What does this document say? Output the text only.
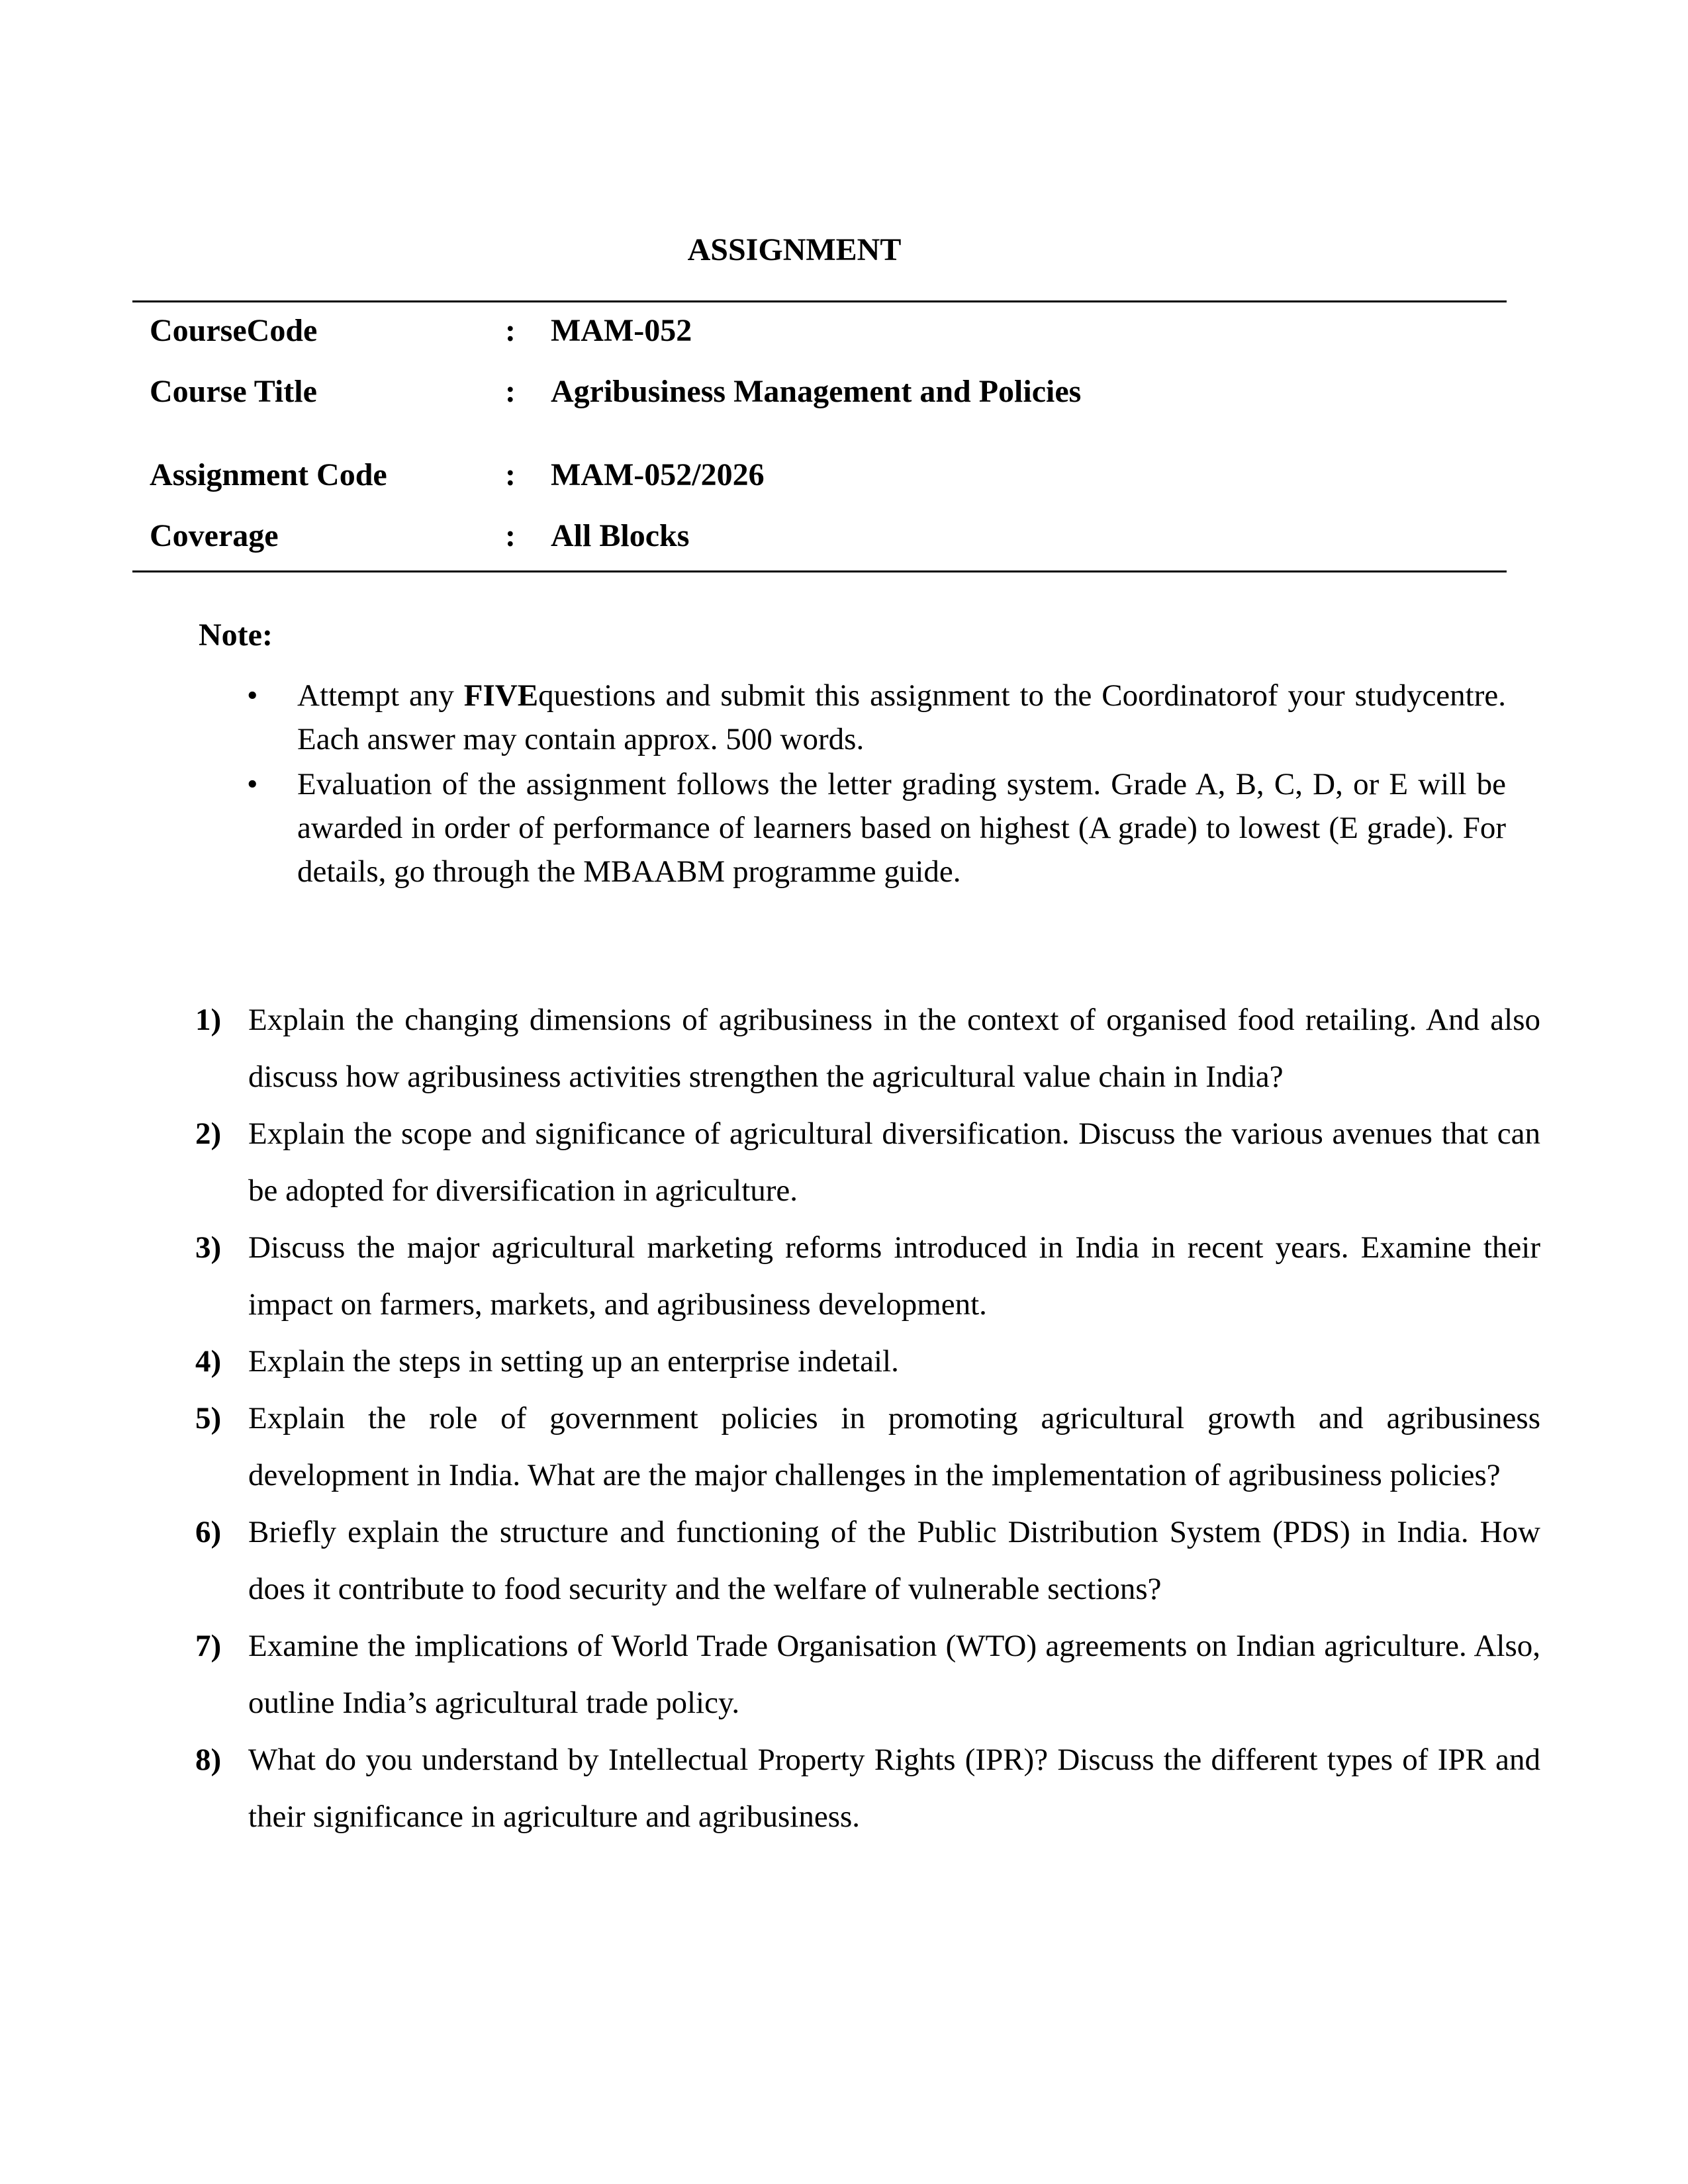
ASSIGNMENT
CourseCode	: MAM-052
Course Title	: Agribusiness Management and Policies
Assignment Code	: MAM-052/2026
Coverage	: All Blocks
Note:
• Attempt any FIVEquestions and submit this assignment to the Coordinatorof your studycentre. Each answer may contain approx. 500 words.
• Evaluation of the assignment follows the letter grading system. Grade A, B, C, D, or E will be awarded in order of performance of learners based on highest (A grade) to lowest (E grade). For details, go through the MBAABM programme guide.
1) Explain the changing dimensions of agribusiness in the context of organised food retailing. And also discuss how agribusiness activities strengthen the agricultural value chain in India?
2) Explain the scope and significance of agricultural diversification. Discuss the various avenues that can be adopted for diversification in agriculture.
3) Discuss the major agricultural marketing reforms introduced in India in recent years. Examine their impact on farmers, markets, and agribusiness development.
4) Explain the steps in setting up an enterprise indetail.
5) Explain the role of government policies in promoting agricultural growth and agribusiness development in India. What are the major challenges in the implementation of agribusiness policies?
6) Briefly explain the structure and functioning of the Public Distribution System (PDS) in India. How does it contribute to food security and the welfare of vulnerable sections?
7) Examine the implications of World Trade Organisation (WTO) agreements on Indian agriculture. Also, outline India’s agricultural trade policy.
8) What do you understand by Intellectual Property Rights (IPR)? Discuss the different types of IPR and their significance in agriculture and agribusiness.
